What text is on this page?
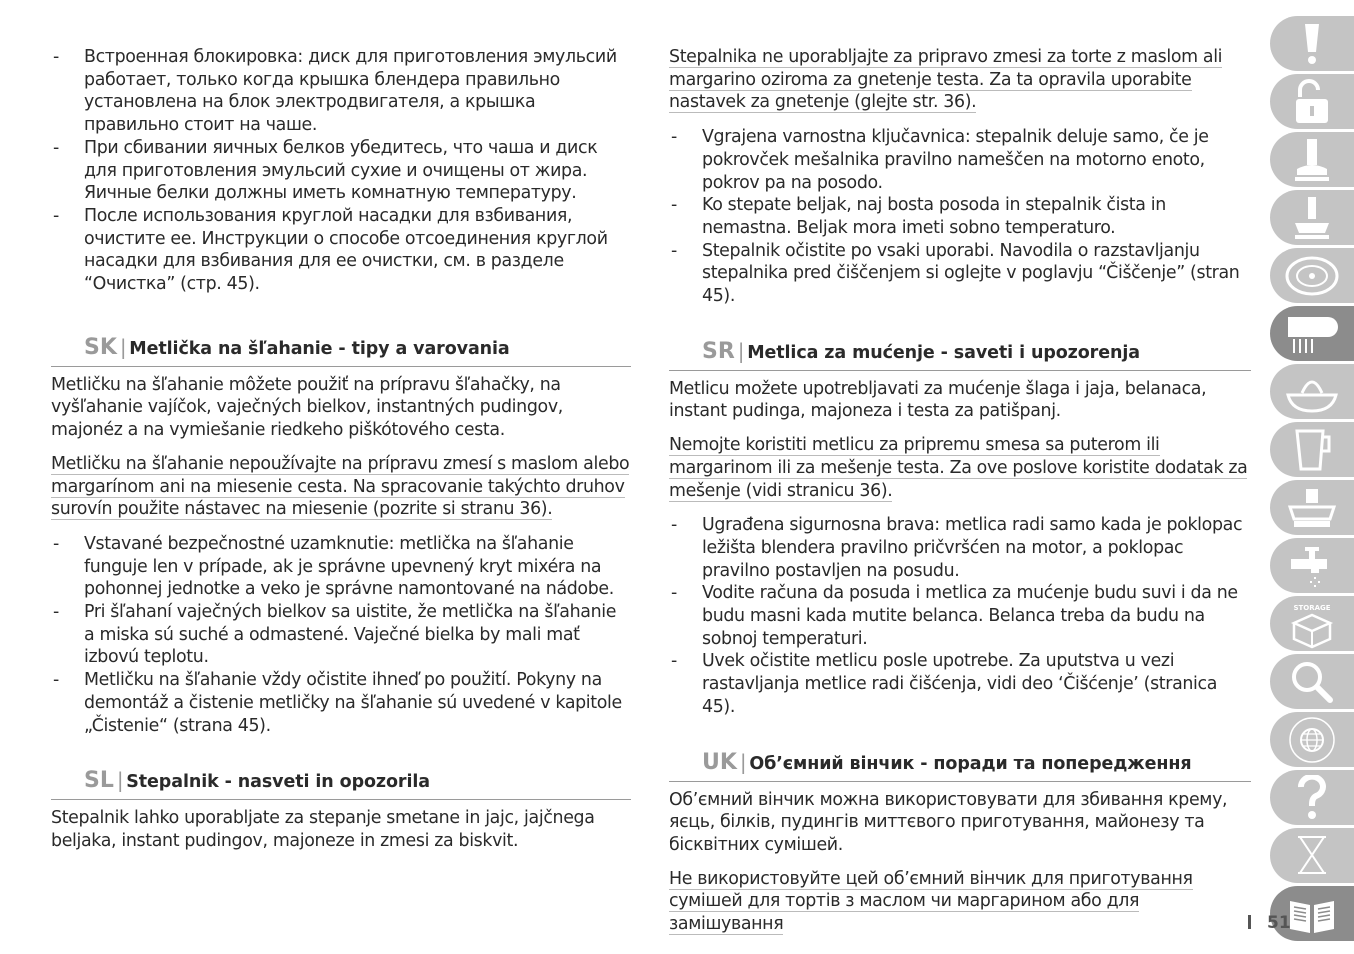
- Встроенная блокировка: диск для приготовления эмульсий работает, только когда крышка блендера правильно установлена на блок электродвигателя, а крышка правильно стоит на чаше.
- При сбивании яичных белков убедитесь, что чаша и диск для приготовления эмульсий сухие и очищены от жира. Яичные белки должны иметь комнатную температуру.
- После использования круглой насадки для взбивания, очистите ее. Инструкции о способе отсоединения круглой насадки для взбивания для ее очистки, см. в разделе “Очистка” (стр. 45).
SK | Metlička na šľahanie - tipy a varovania

Metličku na šľahanie môžete použiť na prípravu šľahačky, na vyšľahanie vajíčok, vaječných bielkov, instantných pudingov, majonéz a na vymiešanie riedkeho piškótového cesta.

Metličku na šľahanie nepoužívajte na prípravu zmesí s maslom alebo
margarínom ani na miesenie cesta. Na spracovanie takýchto druhov
surovín použite nástavec na miesenie (pozrite si stranu 36).
- Vstavané bezpečnostné uzamknutie: metlička na šľahanie funguje len v prípade, ak je správne upevnený kryt mixéra na pohonnej jednotke a veko je správne namontované na nádobe.
- Pri šľahaní vaječných bielkov sa uistite, že metlička na šľahanie a miska sú suché a odmastené. Vaječné bielka by mali mať izbovú teplotu.
- Metličku na šľahanie vždy očistite ihneď po použití. Pokyny na demontáž a čistenie metličky na šľahanie sú uvedené v kapitole „Čistenie“ (strana 45).
SL | Stepalnik - nasveti in opozorila

Stepalnik lahko uporabljate za stepanje smetane in jajc, jajčnega beljaka, instant pudingov, majoneze in zmesi za biskvit.

Stepalnika ne uporabljajte za pripravo zmesi za torte z maslom ali
margarino oziroma za gnetenje testa. Za ta opravila uporabite
nastavek za gnetenje (glejte str. 36).
- Vgrajena varnostna ključavnica: stepalnik deluje samo, če je pokrovček mešalnika pravilno nameščen na motorno enoto, pokrov pa na posodo.
- Ko stepate beljak, naj bosta posoda in stepalnik čista in nemastna. Beljak mora imeti sobno temperaturo.
- Stepalnik očistite po vsaki uporabi. Navodila o razstavljanju stepalnika pred čiščenjem si oglejte v poglavju “Čiščenje” (stran 45).
SR | Metlica za mućenje - saveti i upozorenja

Metlicu možete upotrebljavati za mućenje šlaga i jaja, belanaca, instant pudinga, majoneza i testa za patišpanj.

Nemojte koristiti metlicu za pripremu smesa sa puterom ili
margarinom ili za mešenje testa. Za ove poslove koristite dodatak za
mešenje (vidi stranicu 36).
- Ugrađena sigurnosna brava: metlica radi samo kada je poklopac ležišta blendera pravilno pričvršćen na motor, a poklopac pravilno postavljen na posudu.
- Vodite računa da posuda i metlica za mućenje budu suvi i da ne budu masni kada mutite belanca. Belanca treba da budu na sobnoj temperaturi.
- Uvek očistite metlicu posle upotrebe. Za uputstva u vezi rastavljanja metlice radi čišćenja, vidi deo ‘Čišćenje’ (stranica 45).
UK | Об’ємний вінчик - поради та попередження

Об’ємний вінчик можна використовувати для збивання крему, яєць, білків, пудингів миттєвого приготування, майонезу та бісквітних сумішей.

Не використовуйте цей об’ємний вінчик для приготування
сумішей для тортів з маслом чи маргарином або для замішування
STORAGE
51
